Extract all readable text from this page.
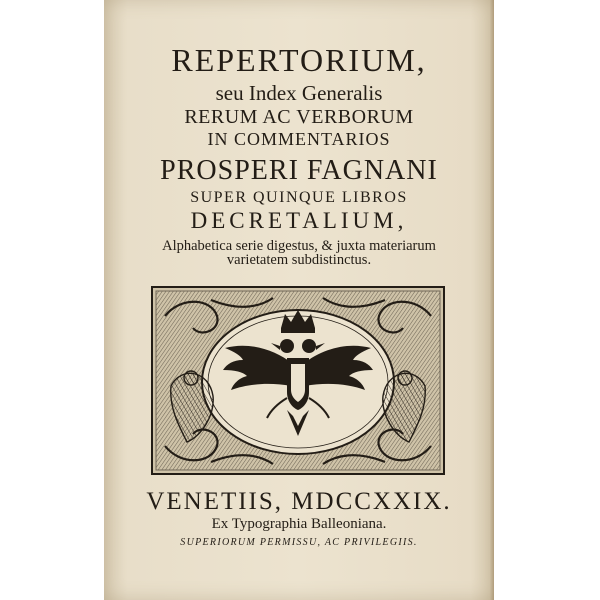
REPERTORIUM,

seu Index Generalis

RERUM AC VERBORUM

IN COMMENTARIOS

PROSPERI FAGNANI

SUPER QUINQUE LIBROS

DECRETALIUM,

Alphabetica serie digestus, & juxta materiarum

varietatem subdistinctus.

VENETIIS, MDCCXXIX.

Ex Typographia Balleoniana.

SUPERIORUM PERMISSU, AC PRIVILEGIIS.
